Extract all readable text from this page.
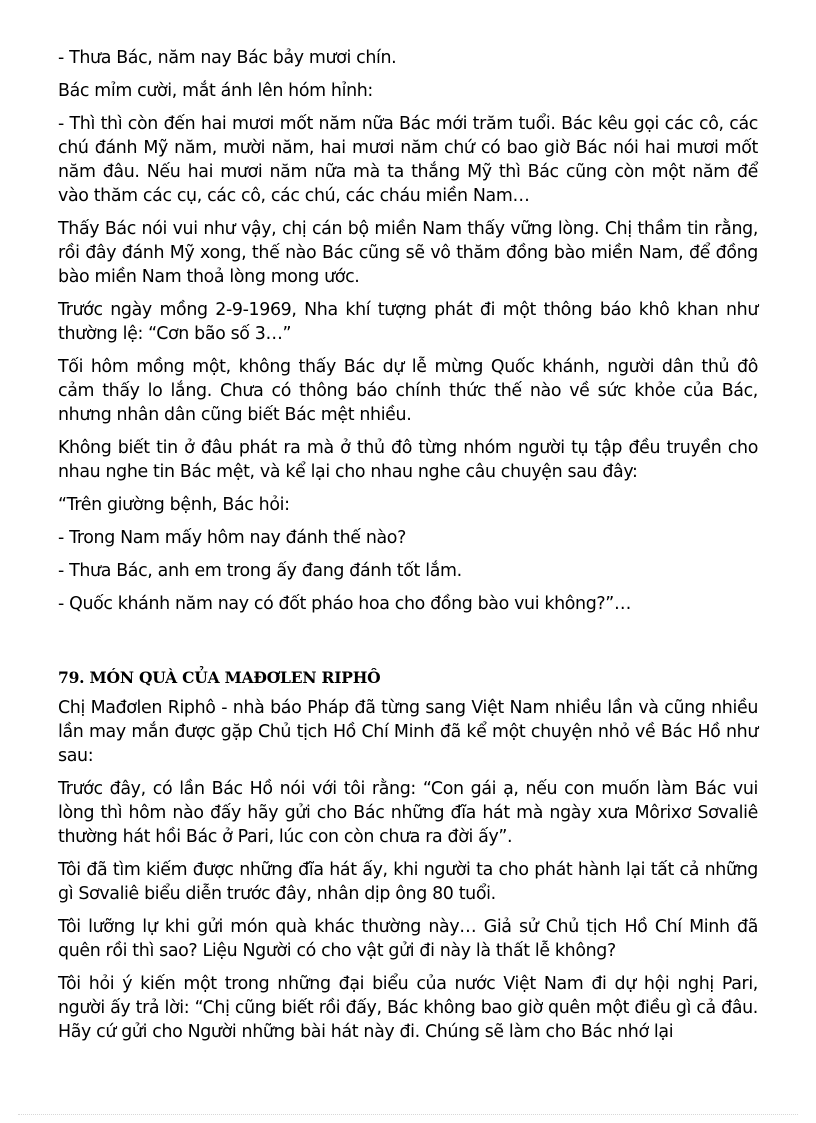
- Thưa Bác, năm nay Bác bảy mươi chín.

Bác mỉm cười, mắt ánh lên hóm hỉnh:

- Thì thì còn đến hai mươi mốt năm nữa Bác mới trăm tuổi. Bác kêu gọi các cô, các chú đánh Mỹ năm, mười năm, hai mươi năm chứ có bao giờ Bác nói hai mươi mốt năm đâu. Nếu hai mươi năm nữa mà ta thắng Mỹ thì Bác cũng còn một năm để vào thăm các cụ, các cô, các chú, các cháu miền Nam…

Thấy Bác nói vui như vậy, chị cán bộ miền Nam thấy vững lòng. Chị thầm tin rằng, rồi đây đánh Mỹ xong, thế nào Bác cũng sẽ vô thăm đồng bào miền Nam, để đồng bào miền Nam thoả lòng mong ước.

Trước ngày mồng 2-9-1969, Nha khí tượng phát đi một thông báo khô khan như thường lệ: “Cơn bão số 3…”

Tối hôm mồng một, không thấy Bác dự lễ mừng Quốc khánh, người dân thủ đô cảm thấy lo lắng. Chưa có thông báo chính thức thế nào về sức khỏe của Bác, nhưng nhân dân cũng biết Bác mệt nhiều.

Không biết tin ở đâu phát ra mà ở thủ đô từng nhóm người tụ tập đều truyền cho nhau nghe tin Bác mệt, và kể lại cho nhau nghe câu chuyện sau đây:

“Trên giường bệnh, Bác hỏi:

- Trong Nam mấy hôm nay đánh thế nào?

- Thưa Bác, anh em trong ấy đang đánh tốt lắm.

- Quốc khánh năm nay có đốt pháo hoa cho đồng bào vui không?”…

79. MÓN QUÀ CỦA MAĐƠLEN RIPHÔ

Chị Mađơlen Riphô - nhà báo Pháp đã từng sang Việt Nam nhiều lần và cũng nhiều lần may mắn được gặp Chủ tịch Hồ Chí Minh đã kể một chuyện nhỏ về Bác Hồ như sau:

Trước đây, có lần Bác Hồ nói với tôi rằng: “Con gái ạ, nếu con muốn làm Bác vui lòng thì hôm nào đấy hãy gửi cho Bác những đĩa hát mà ngày xưa Môrixơ Sơvaliê thường hát hồi Bác ở Pari, lúc con còn chưa ra đời ấy”.

Tôi đã tìm kiếm được những đĩa hát ấy, khi người ta cho phát hành lại tất cả những gì Sơvaliê biểu diễn trước đây, nhân dịp ông 80 tuổi.

Tôi lưỡng lự khi gửi món quà khác thường này… Giả sử Chủ tịch Hồ Chí Minh đã quên rồi thì sao? Liệu Người có cho vật gửi đi này là thất lễ không?

Tôi hỏi ý kiến một trong những đại biểu của nước Việt Nam đi dự hội nghị Pari, người ấy trả lời: “Chị cũng biết rồi đấy, Bác không bao giờ quên một điều gì cả đâu. Hãy cứ gửi cho Người những bài hát này đi. Chúng sẽ làm cho Bác nhớ lại
